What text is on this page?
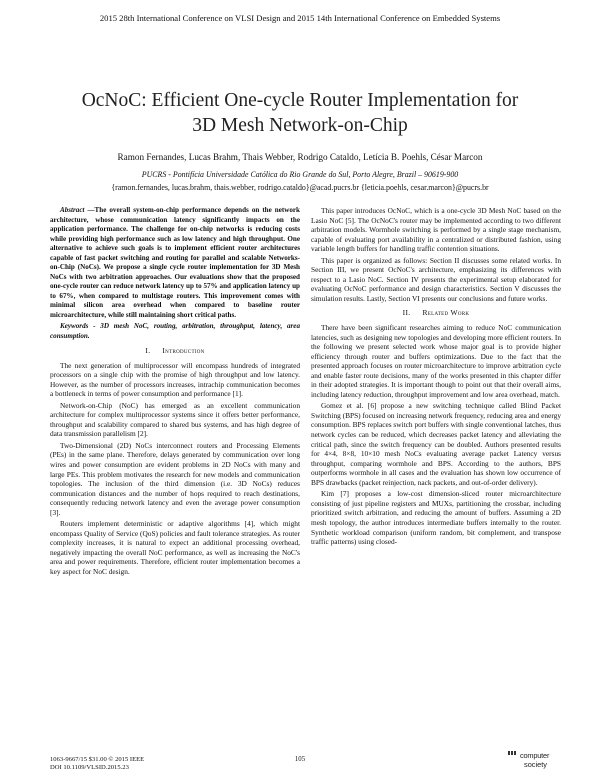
2015 28th International Conference on VLSI Design and 2015 14th International Conference on Embedded Systems
OcNoC: Efficient One-cycle Router Implementation for
3D Mesh Network-on-Chip
Ramon Fernandes, Lucas Brahm, Thais Webber, Rodrigo Cataldo, Letícia B. Poehls, César Marcon
PUCRS - Pontifícia Universidade Católica do Rio Grande do Sul, Porto Alegre, Brazil – 90619-900
{ramon.fernandes, lucas.brahm, thais.webber, rodrigo.cataldo}@acad.pucrs.br {leticia.poehls, cesar.marcon}@pucrs.br

Abstract —The overall system-on-chip performance depends on the network architecture, whose communication latency significantly impacts on the application performance. The challenge for on-chip networks is reducing costs while providing high performance such as low latency and high throughput. One alternative to achieve such goals is to implement efficient router architectures capable of fast packet switching and routing for parallel and scalable Networks-on-Chip (NoCs). We propose a single cycle router implementation for 3D Mesh NoCs with two arbitration approaches. Our evaluations show that the proposed one-cycle router can reduce network latency up to 57% and application latency up to 67%, when compared to multistage routers. This improvement comes with minimal silicon area overhead when compared to baseline router microarchitecture, while still maintaining short critical paths.

Keywords - 3D mesh NoC, routing, arbitration, throughput, latency, area consumption.

I. Introduction

The next generation of multiprocessor will encompass hundreds of integrated processors on a single chip with the promise of high throughput and low latency. However, as the number of processors increases, intrachip communication becomes a bottleneck in terms of power consumption and performance [1].

Network-on-Chip (NoC) has emerged as an excellent communication architecture for complex multiprocessor systems since it offers better performance, throughput and scalability compared to shared bus systems, and has high degree of data transmission parallelism [2].

Two-Dimensional (2D) NoCs interconnect routers and Processing Elements (PEs) in the same plane. Therefore, delays generated by communication over long wires and power consumption are evident problems in 2D NoCs with many and large PEs. This problem motivates the research for new models and communication topologies. The inclusion of the third dimension (i.e. 3D NoCs) reduces communication distances and the number of hops required to reach destinations, consequently reducing network latency and even the average power consumption [3].

Routers implement deterministic or adaptive algorithms [4], which might encompass Quality of Service (QoS) policies and fault tolerance strategies. As router complexity increases, it is natural to expect an additional processing overhead, negatively impacting the overall NoC performance, as well as increasing the NoC's area and power requirements. Therefore, efficient router implementation becomes a key aspect for NoC design.

This paper introduces OcNoC, which is a one-cycle 3D Mesh NoC based on the Lasio NoC [5]. The OcNoC's router may be implemented according to two different arbitration models. Wormhole switching is performed by a single stage mechanism, capable of evaluating port availability in a centralized or distributed fashion, using variable length buffers for handling traffic contention situations.

This paper is organized as follows: Section II discusses some related works. In Section III, we present OcNoC's architecture, emphasizing its differences with respect to a Lasio NoC. Section IV presents the experimental setup elaborated for evaluating OcNoC performance and design characteristics. Section V discusses the simulation results. Lastly, Section VI presents our conclusions and future works.

II. Related Work

There have been significant researches aiming to reduce NoC communication latencies, such as designing new topologies and developing more efficient routers. In the following we present selected work whose major goal is to provide higher efficiency through router and buffers optimizations. Due to the fact that the presented approach focuses on router microarchitecture to improve arbitration cycle and enable faster route decisions, many of the works presented in this chapter differ in their adopted strategies. It is important though to point out that their overall aims, including latency reduction, throughput improvement and low area overhead, match.

Gomez et al. [6] propose a new switching technique called Blind Packet Switching (BPS) focused on increasing network frequency, reducing area and energy consumption. BPS replaces switch port buffers with single conventional latches, thus network cycles can be reduced, which decreases packet latency and alleviating the critical path, since the switch frequency can be doubled. Authors presented results for 4×4, 8×8, 10×10 mesh NoCs evaluating average packet Latency versus throughput, comparing wormhole and BPS. According to the authors, BPS outperforms wormhole in all cases and the evaluation has shown low occurrence of BPS drawbacks (packet reinjection, nack packets, and out-of-order delivery).

Kim [7] proposes a low-cost dimension-sliced router microarchitecture consisting of just pipeline registers and MUXs, partitioning the crossbar, including prioritized switch arbitration, and reducing the amount of buffers. Assuming a 2D mesh topology, the author introduces intermediate buffers internally to the router. Synthetic workload comparison (uniform random, bit complement, and transpose traffic patterns) using closed-

1063-9667/15 $31.00 © 2015 IEEE
DOI 10.1109/VLSID.2015.23
105	computer
society
